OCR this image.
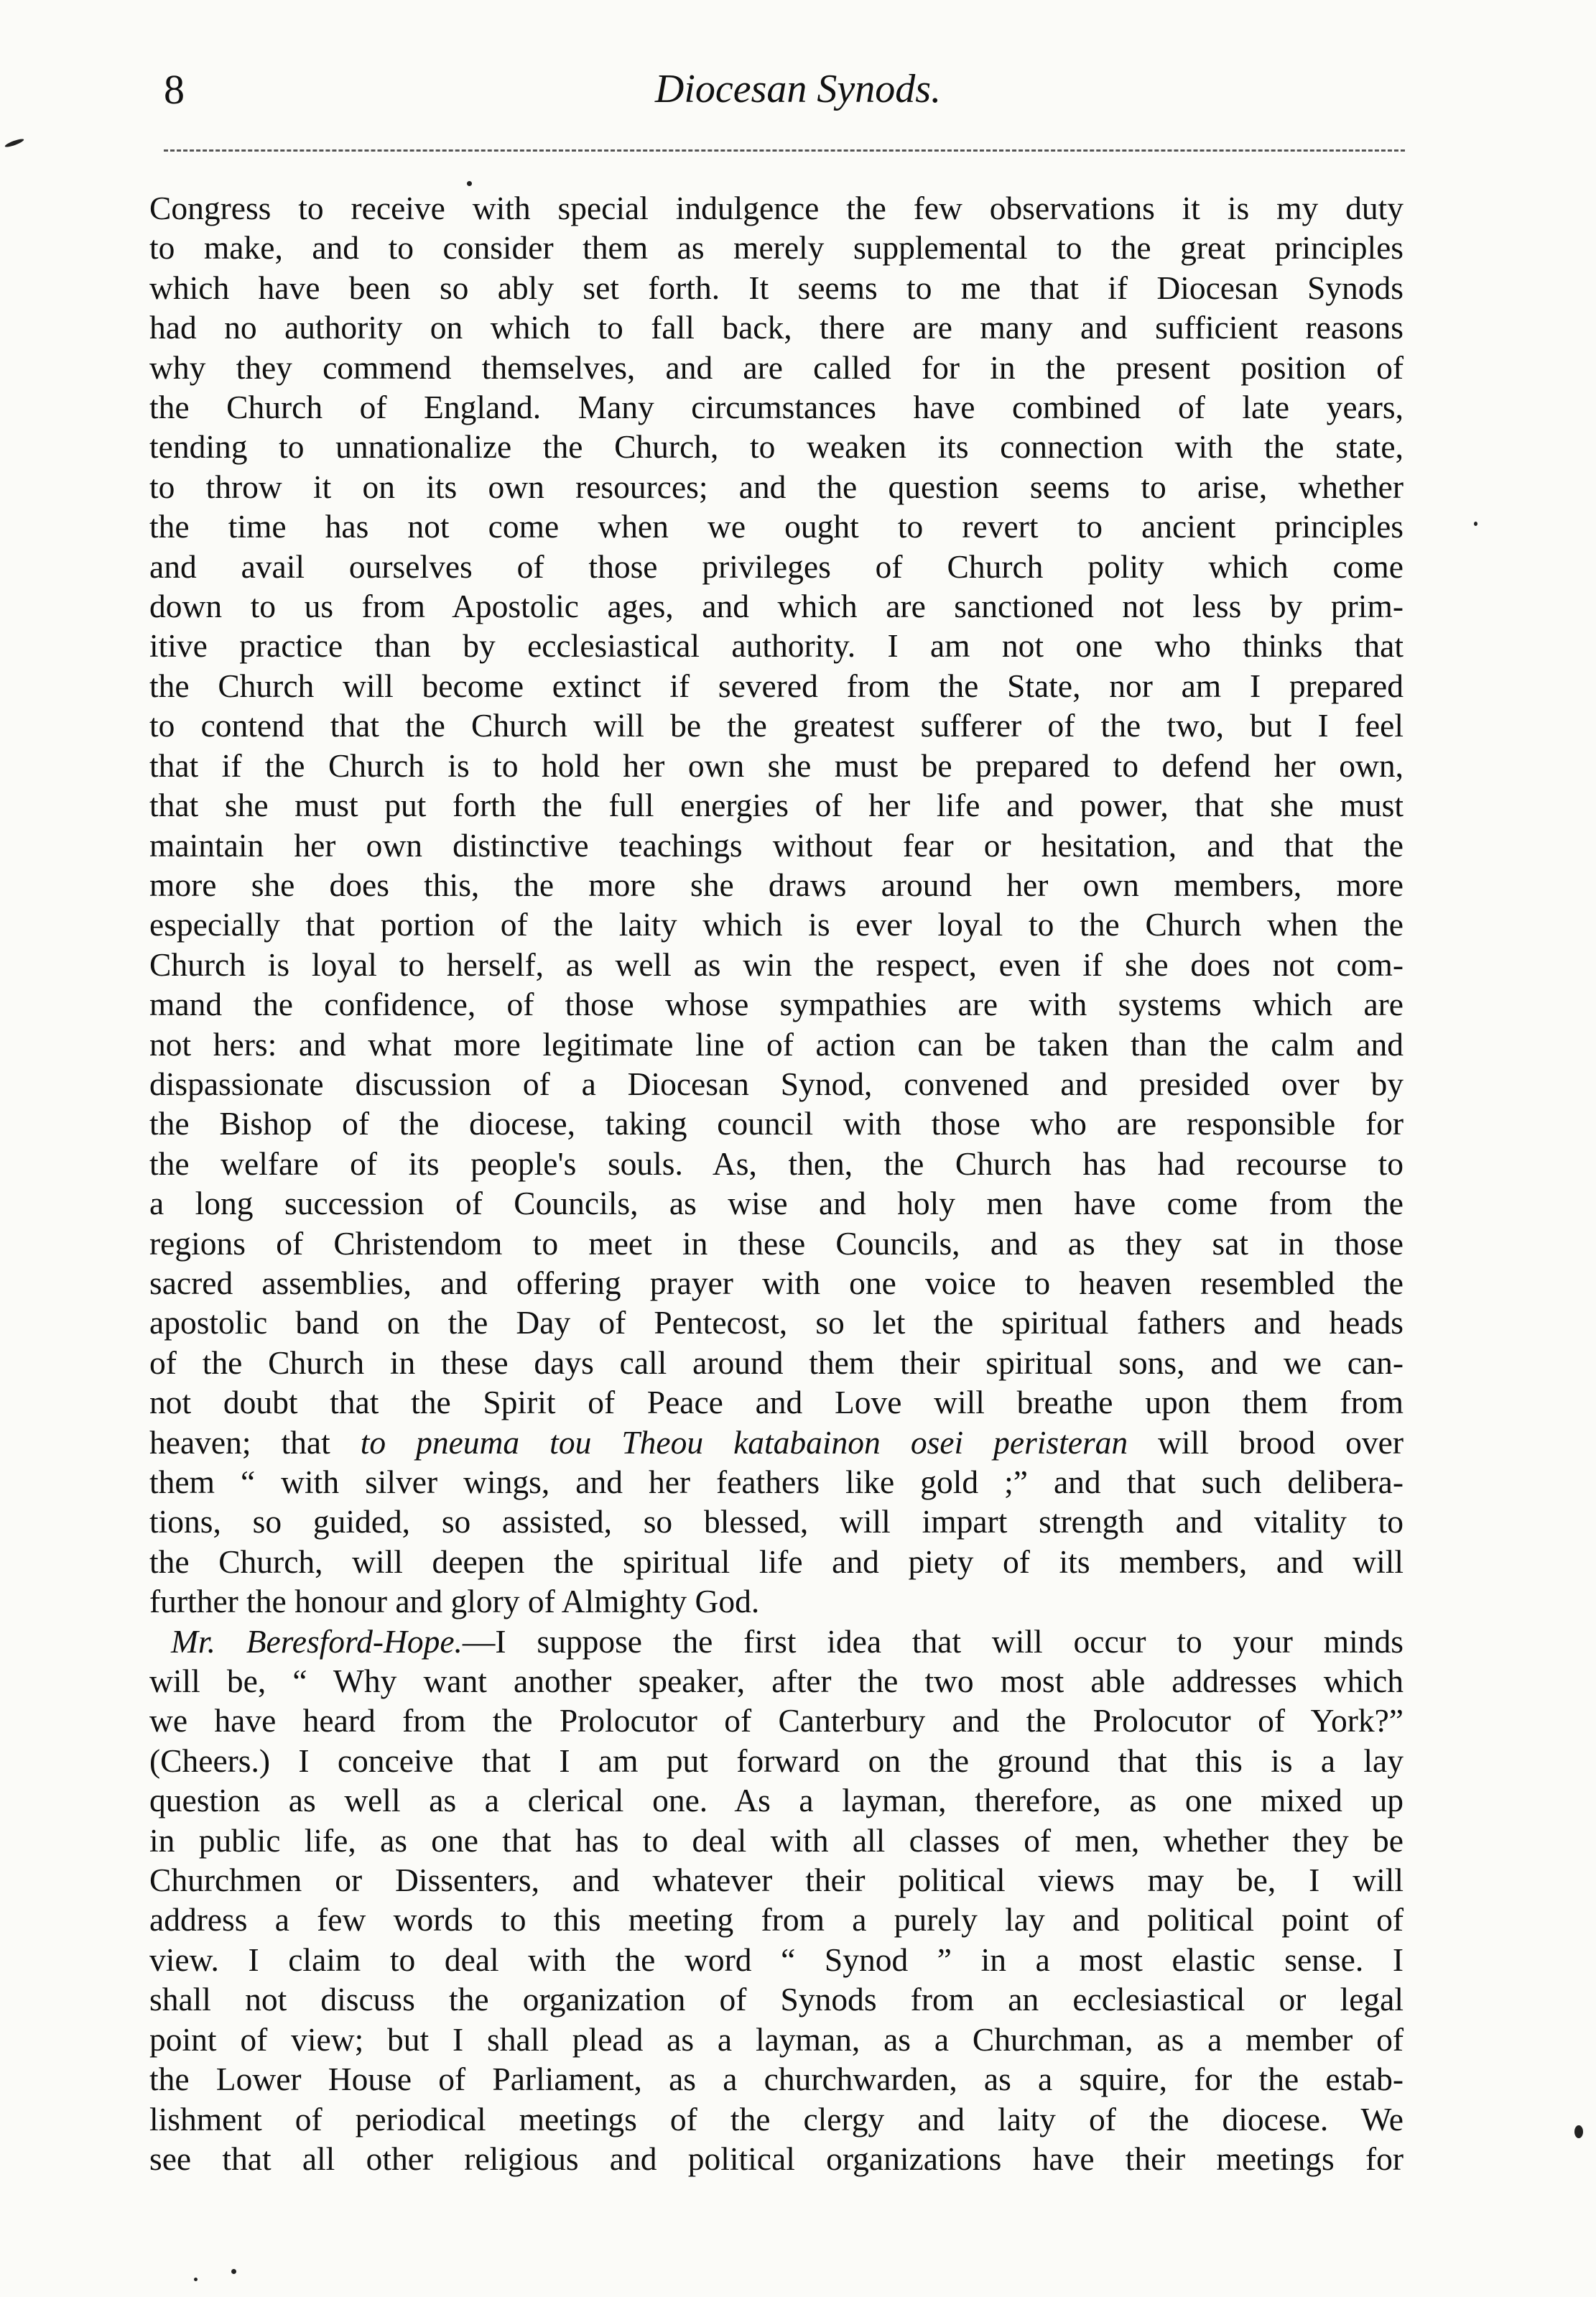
8	Diocesan Synods.

Congress to receive with special indulgence the few observations it is my duty

to make, and to consider them as merely supplemental to the great principles

which have been so ably set forth. It seems to me that if Diocesan Synods

had no authority on which to fall back, there are many and sufficient reasons

why they commend themselves, and are called for in the present position of

the Church of England. Many circumstances have combined of late years,

tending to unnationalize the Church, to weaken its connection with the state,

to throw it on its own resources; and the question seems to arise, whether

the time has not come when we ought to revert to ancient principles

and avail ourselves of those privileges of Church polity which come

down to us from Apostolic ages, and which are sanctioned not less by prim-

itive practice than by ecclesiastical authority. I am not one who thinks that

the Church will become extinct if severed from the State, nor am I prepared

to contend that the Church will be the greatest sufferer of the two, but I feel

that if the Church is to hold her own she must be prepared to defend her own,

that she must put forth the full energies of her life and power, that she must

maintain her own distinctive teachings without fear or hesitation, and that the

more she does this, the more she draws around her own members, more

especially that portion of the laity which is ever loyal to the Church when the

Church is loyal to herself, as well as win the respect, even if she does not com-

mand the confidence, of those whose sympathies are with systems which are

not hers: and what more legitimate line of action can be taken than the calm and

dispassionate discussion of a Diocesan Synod, convened and presided over by

the Bishop of the diocese, taking council with those who are responsible for

the welfare of its people's souls. As, then, the Church has had recourse to

a long succession of Councils, as wise and holy men have come from the

regions of Christendom to meet in these Councils, and as they sat in those

sacred assemblies, and offering prayer with one voice to heaven resembled the

apostolic band on the Day of Pentecost, so let the spiritual fathers and heads

of the Church in these days call around them their spiritual sons, and we can-

not doubt that the Spirit of Peace and Love will breathe upon them from

heaven; that to pneuma tou Theou katabainon osei peristeran will brood over

them “ with silver wings, and her feathers like gold ;” and that such delibera-

tions, so guided, so assisted, so blessed, will impart strength and vitality to

the Church, will deepen the spiritual life and piety of its members, and will

further the honour and glory of Almighty God.

Mr. Beresford-Hope.—I suppose the first idea that will occur to your minds

will be, “ Why want another speaker, after the two most able addresses which

we have heard from the Prolocutor of Canterbury and the Prolocutor of York?”

(Cheers.) I conceive that I am put forward on the ground that this is a lay

question as well as a clerical one. As a layman, therefore, as one mixed up

in public life, as one that has to deal with all classes of men, whether they be

Churchmen or Dissenters, and whatever their political views may be, I will

address a few words to this meeting from a purely lay and political point of

view. I claim to deal with the word “ Synod ” in a most elastic sense. I

shall not discuss the organization of Synods from an ecclesiastical or legal

point of view; but I shall plead as a layman, as a Churchman, as a member of

the Lower House of Parliament, as a churchwarden, as a squire, for the estab-

lishment of periodical meetings of the clergy and laity of the diocese. We

see that all other religious and political organizations have their meetings for
